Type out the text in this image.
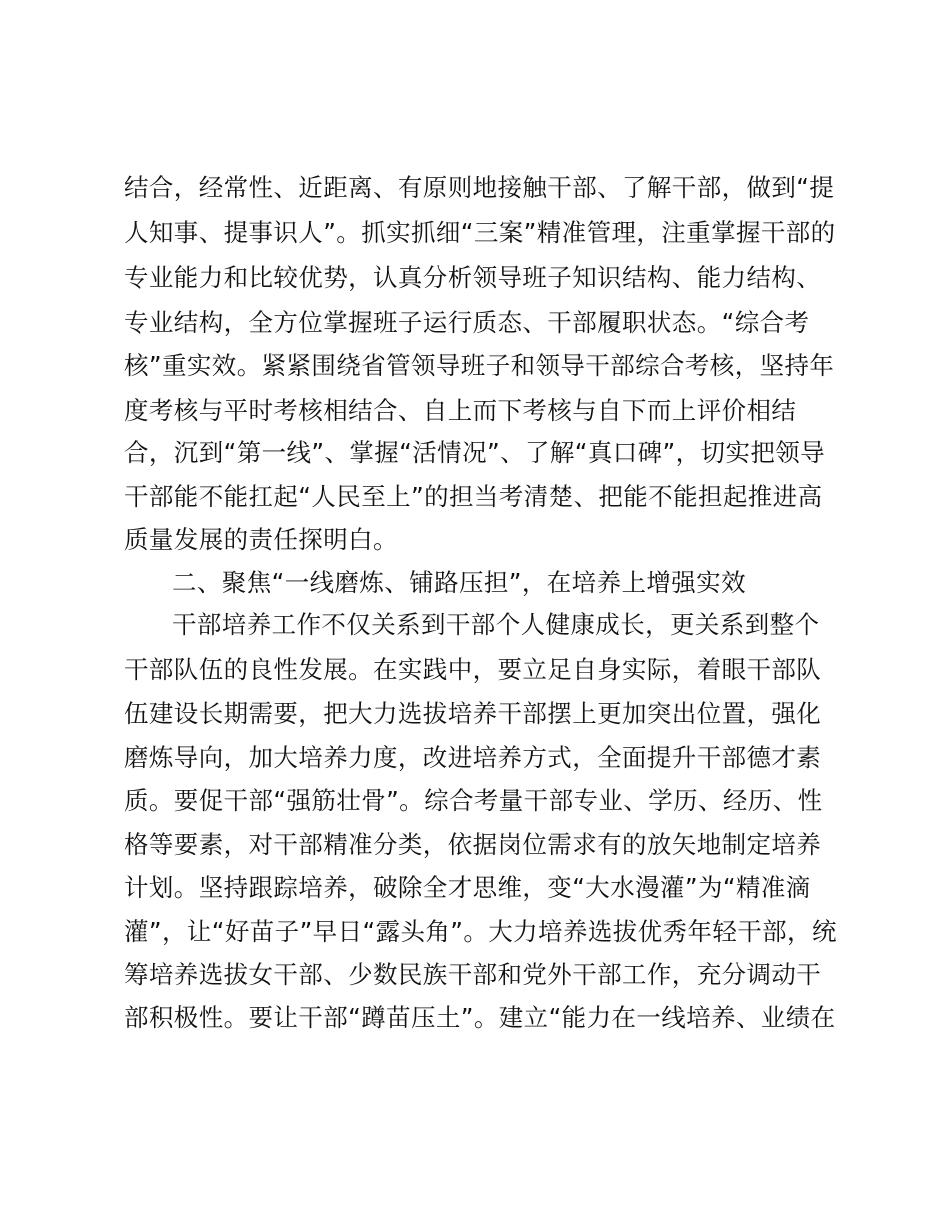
结合，经常性、近距离、有原则地接触干部、了解干部，做到“提
人知事、提事识人”。抓实抓细“三案”精准管理，注重掌握干部的
专业能力和比较优势，认真分析领导班子知识结构、能力结构、
专业结构，全方位掌握班子运行质态、干部履职状态。“综合考
核”重实效。紧紧围绕省管领导班子和领导干部综合考核，坚持年
度考核与平时考核相结合、自上而下考核与自下而上评价相结
合，沉到“第一线”、掌握“活情况”、了解“真口碑”，切实把领导
干部能不能扛起“人民至上”的担当考清楚、把能不能担起推进高
质量发展的责任探明白。
二、聚焦“一线磨炼、铺路压担”，在培养上增强实效
干部培养工作不仅关系到干部个人健康成长，更关系到整个
干部队伍的良性发展。在实践中，要立足自身实际，着眼干部队
伍建设长期需要，把大力选拔培养干部摆上更加突出位置，强化
磨炼导向，加大培养力度，改进培养方式，全面提升干部德才素
质。要促干部“强筋壮骨”。综合考量干部专业、学历、经历、性
格等要素，对干部精准分类，依据岗位需求有的放矢地制定培养
计划。坚持跟踪培养，破除全才思维，变“大水漫灌”为“精准滴
灌”，让“好苗子”早日“露头角”。大力培养选拔优秀年轻干部，统
筹培养选拔女干部、少数民族干部和党外干部工作，充分调动干
部积极性。要让干部“蹲苗压土”。建立“能力在一线培养、业绩在
